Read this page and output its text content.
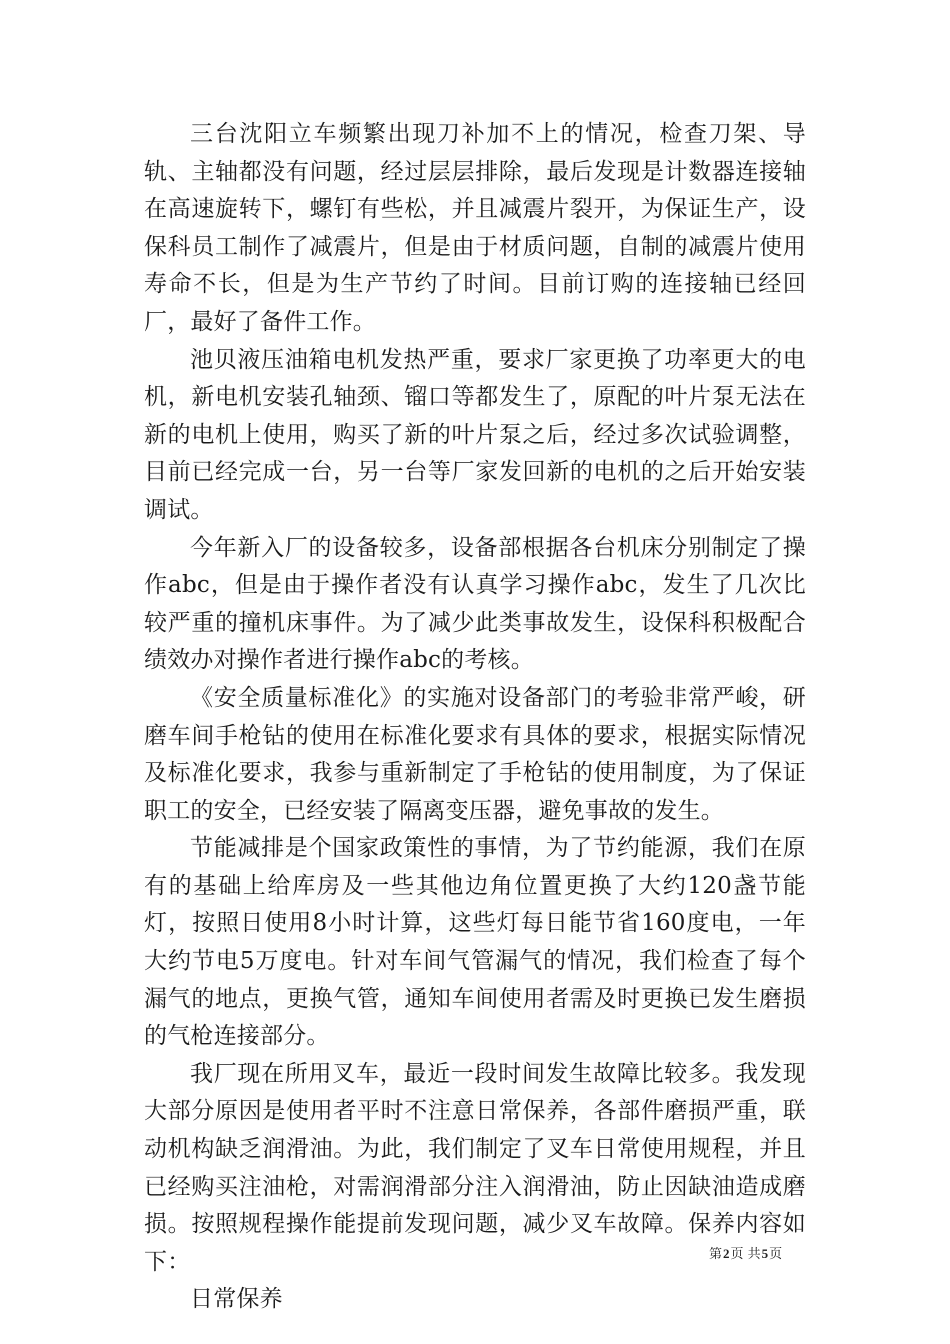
三台沈阳立车频繁出现刀补加不上的情况，检查刀架、导轨、主轴都没有问题，经过层层排除，最后发现是计数器连接轴在高速旋转下，螺钉有些松，并且减震片裂开，为保证生产，设保科员工制作了减震片，但是由于材质问题，自制的减震片使用寿命不长，但是为生产节约了时间。目前订购的连接轴已经回厂，最好了备件工作。

池贝液压油箱电机发热严重，要求厂家更换了功率更大的电机，新电机安装孔轴颈、镏口等都发生了，原配的叶片泵无法在新的电机上使用，购买了新的叶片泵之后，经过多次试验调整，目前已经完成一台，另一台等厂家发回新的电机的之后开始安装调试。

今年新入厂的设备较多，设备部根据各台机床分别制定了操作abc，但是由于操作者没有认真学习操作abc，发生了几次比较严重的撞机床事件。为了减少此类事故发生，设保科积极配合绩效办对操作者进行操作abc的考核。

《安全质量标准化》的实施对设备部门的考验非常严峻，研磨车间手枪钻的使用在标准化要求有具体的要求，根据实际情况及标准化要求，我参与重新制定了手枪钻的使用制度，为了保证职工的安全，已经安装了隔离变压器，避免事故的发生。

节能减排是个国家政策性的事情，为了节约能源，我们在原有的基础上给库房及一些其他边角位置更换了大约120盏节能灯，按照日使用8小时计算，这些灯每日能节省160度电，一年大约节电5万度电。针对车间气管漏气的情况，我们检查了每个漏气的地点，更换气管，通知车间使用者需及时更换已发生磨损的气枪连接部分。

我厂现在所用叉车，最近一段时间发生故障比较多。我发现大部分原因是使用者平时不注意日常保养，各部件磨损严重，联动机构缺乏润滑油。为此，我们制定了叉车日常使用规程，并且已经购买注油枪，对需润滑部分注入润滑油，防止因缺油造成磨损。按照规程操作能提前发现问题，减少叉车故障。保养内容如下：

日常保养

第2页 共5页
